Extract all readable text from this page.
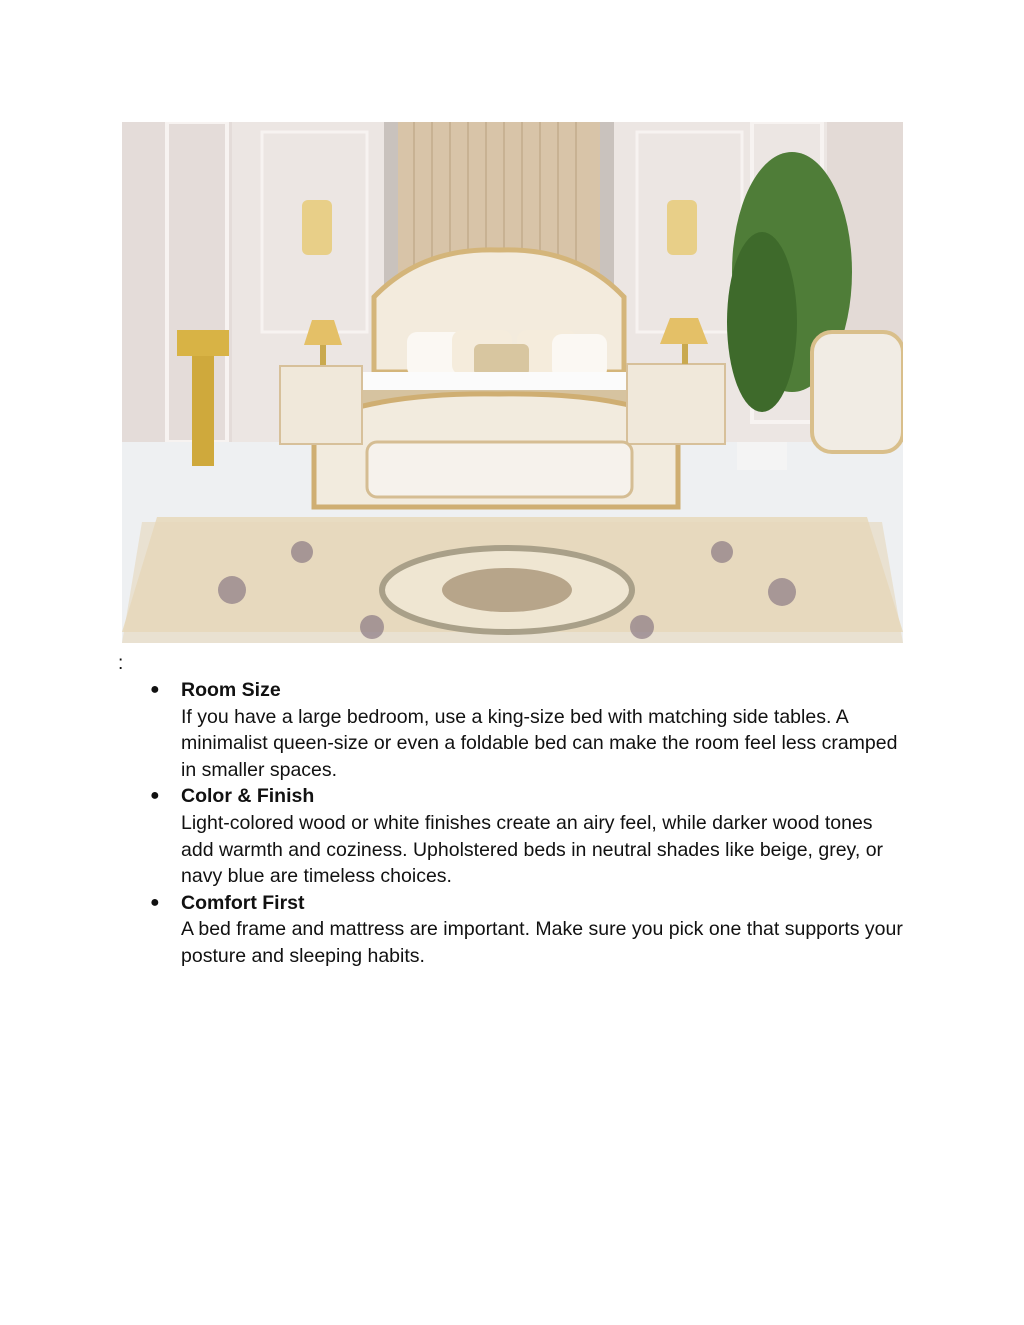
:
● Room Size
If you have a large bedroom, use a king-size bed with matching side tables. A minimalist queen-size or even a foldable bed can make the room feel less cramped in smaller spaces.
● Color & Finish
Light-colored wood or white finishes create an airy feel, while darker wood tones add warmth and coziness. Upholstered beds in neutral shades like beige, grey, or navy blue are timeless choices.
● Comfort First
A bed frame and mattress are important. Make sure you pick one that supports your posture and sleeping habits.
